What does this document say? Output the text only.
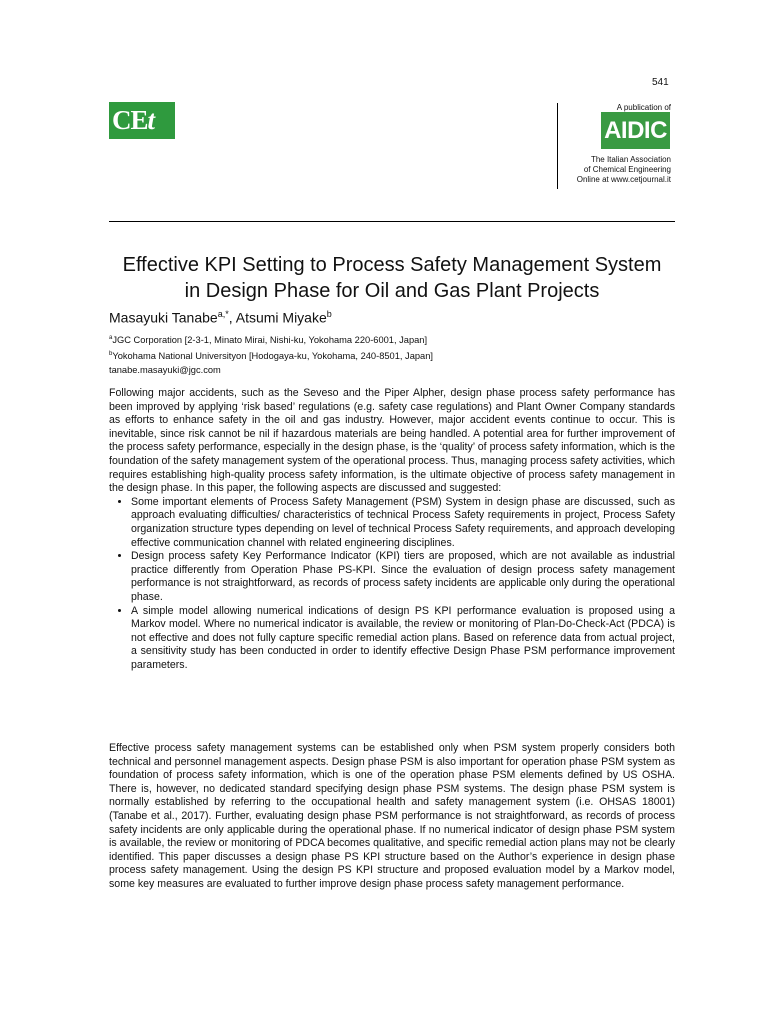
541
CEt	A publication of
AIDIC
The Italian Association
of Chemical Engineering
Online at www.cetjournal.it
Effective KPI Setting to Process Safety Management System
in Design Phase for Oil and Gas Plant Projects
Masayuki Tanabe$^{a,*}$, Atsumi Miyake$^b$
$^a$JGC Corporation [2-3-1, Minato Mirai, Nishi-ku, Yokohama 220-6001, Japan]
$^b$Yokohama National Universityon [Hodogaya-ku, Yokohama, 240-8501, Japan]
tanabe.masayuki@jgc.com

Following major accidents, such as the Seveso and the Piper Alpher, design phase process safety performance has been improved by applying ‘risk based’ regulations (e.g. safety case regulations) and Plant Owner Company standards as efforts to enhance safety in the oil and gas industry. However, major accident events continue to occur. This is inevitable, since risk cannot be nil if hazardous materials are being handled. A potential area for further improvement of the process safety performance, especially in the design phase, is the ‘quality’ of process safety information, which is the foundation of the safety management system of the operational process. Thus, managing process safety activities, which requires establishing high-quality process safety information, is the ultimate objective of process safety management in the design phase. In this paper, the following aspects are discussed and suggested:

• Some important elements of Process Safety Management (PSM) System in design phase are discussed, such as approach evaluating difficulties/ characteristics of technical Process Safety requirements in project, Process Safety organization structure types depending on level of technical Process Safety requirements, and approach developing effective communication channel with related engineering disciplines.
• Design process safety Key Performance Indicator (KPI) tiers are proposed, which are not available as industrial practice differently from Operation Phase PS-KPI. Since the evaluation of design process safety management performance is not straightforward, as records of process safety incidents are applicable only during the operational phase.
• A simple model allowing numerical indications of design PS KPI performance evaluation is proposed using a Markov model. Where no numerical indicator is available, the review or monitoring of Plan-Do-Check-Act (PDCA) is not effective and does not fully capture specific remedial action plans. Based on reference data from actual project, a sensitivity study has been conducted in order to identify effective Design Phase PSM performance improvement parameters.

Effective process safety management systems can be established only when PSM system properly considers both technical and personnel management aspects. Design phase PSM is also important for operation phase PSM system as foundation of process safety information, which is one of the operation phase PSM elements defined by US OSHA. There is, however, no dedicated standard specifying design phase PSM systems. The design phase PSM system is normally established by referring to the occupational health and safety management system (i.e. OHSAS 18001) (Tanabe et al., 2017). Further, evaluating design phase PSM performance is not straightforward, as records of process safety incidents are only applicable during the operational phase. If no numerical indicator of design phase PSM system is available, the review or monitoring of PDCA becomes qualitative, and specific remedial action plans may not be clearly identified. This paper discusses a design phase PS KPI structure based on the Author’s experience in design phase process safety management. Using the design PS KPI structure and proposed evaluation model by a Markov model, some key measures are evaluated to further improve design phase process safety management performance.
